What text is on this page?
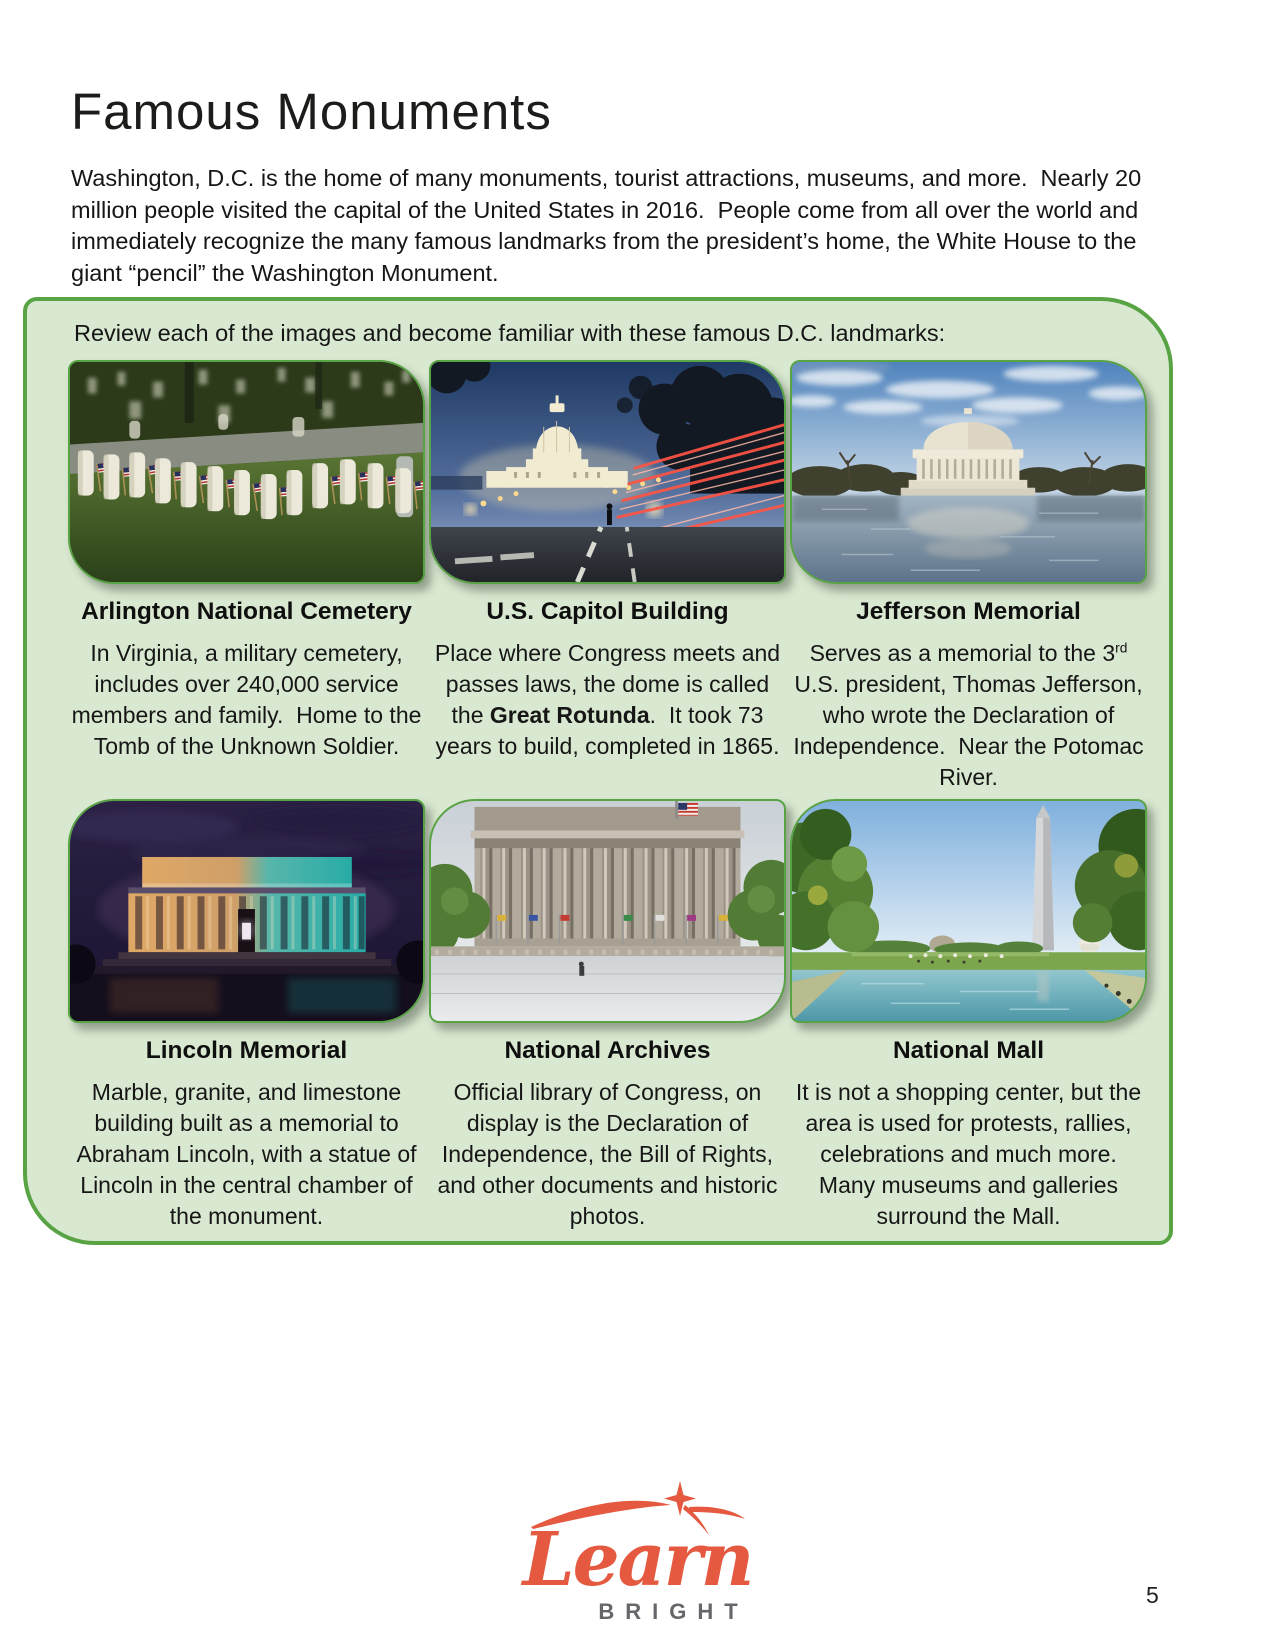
Famous Monuments

Washington, D.C. is the home of many monuments, tourist attractions, museums, and more.  Nearly 20 million people visited the capital of the United States in 2016.  People come from all over the world and immediately recognize the many famous landmarks from the president’s home, the White House to the giant “pencil” the Washington Monument.

Review each of the images and become familiar with these famous D.C. landmarks:

Arlington National Cemetery

In Virginia, a military cemetery, includes over 240,000 service members and family.  Home to the Tomb of the Unknown Soldier.

U.S. Capitol Building

Place where Congress meets and passes laws, the dome is called the Great Rotunda.  It took 73 years to build, completed in 1865.

Jefferson Memorial

Serves as a memorial to the 3rd U.S. president, Thomas Jefferson, who wrote the Declaration of Independence.  Near the Potomac River.

Lincoln Memorial

Marble, granite, and limestone building built as a memorial to Abraham Lincoln, with a statue of Lincoln in the central chamber of the monument.

National Archives

Official library of Congress, on display is the Declaration of Independence, the Bill of Rights, and other documents and historic photos.

National Mall

It is not a shopping center, but the area is used for protests, rallies, celebrations and much more.  Many museums and galleries surround the Mall.

Learn
BRIGHT
5
